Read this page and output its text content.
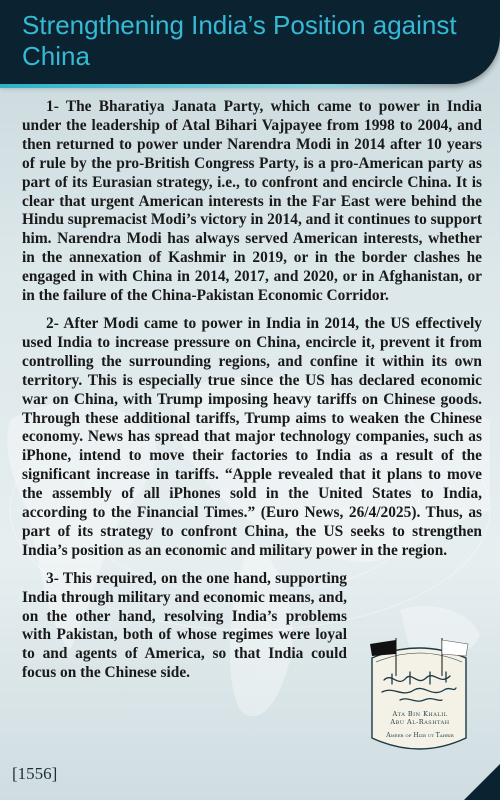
Strengthening India’s Position against China

1- The Bharatiya Janata Party, which came to power in India under the leadership of Atal Bihari Vajpayee from 1998 to 2004, and then returned to power under Narendra Modi in 2014 after 10 years of rule by the pro-British Congress Party, is a pro-American party as part of its Eurasian strategy, i.e., to confront and encircle China. It is clear that urgent American interests in the Far East were behind the Hindu supremacist Modi’s victory in 2014, and it continues to support him. Narendra Modi has always served American interests, whether in the annexation of Kashmir in 2019, or in the border clashes he engaged in with China in 2014, 2017, and 2020, or in Afghanistan, or in the failure of the China-Pakistan Economic Corridor.

2- After Modi came to power in India in 2014, the US effectively used India to increase pressure on China, encircle it, prevent it from controlling the surrounding regions, and confine it within its own territory. This is especially true since the US has declared economic war on China, with Trump imposing heavy tariffs on Chinese goods. Through these additional tariffs, Trump aims to weaken the Chinese economy. News has spread that major technology companies, such as iPhone, intend to move their factories to India as a result of the significant increase in tariffs. “Apple revealed that it plans to move the assembly of all iPhones sold in the United States to India, according to the Financial Times.” (Euro News, 26/4/2025). Thus, as part of its strategy to confront China, the US seeks to strengthen India’s position as an economic and military power in the region.

3- This required, on the one hand, supporting India through military and economic means, and, on the other hand, resolving India’s problems with Pakistan, both of whose regimes were loyal to and agents of America, so that India could focus on the Chinese side.

Ata Bin Khalil
Abu Al-Rashtah
Ameer of Hizb ut Tahrir
[1556]
